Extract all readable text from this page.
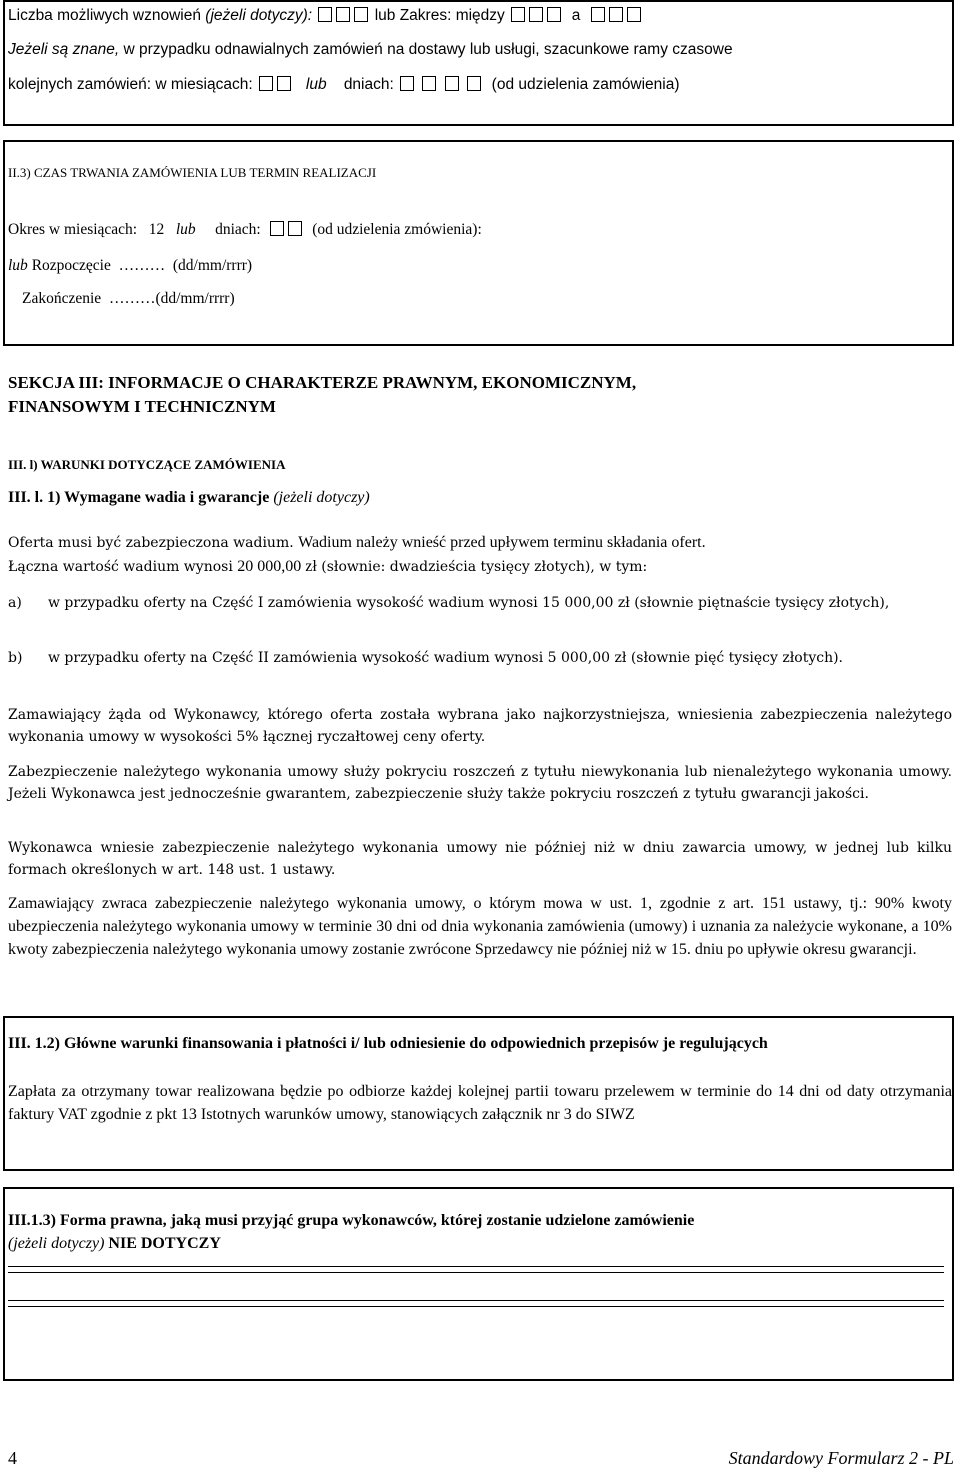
Liczba możliwych wznowień (jeżeli dotyczy):	lub Zakres: między	a
Jeżeli są znane, w przypadku odnawialnych zamówień na dostawy lub usługi, szacunkowe ramy czasowe
kolejnych zamówień: w miesiącach:	lub dniach:	(od udzielenia zamówienia)
II.3) CZAS TRWANIA ZAMÓWIENIA LUB TERMIN REALIZACJI
Okres w miesiącach: 12 lub dniach:	(od udzielenia zmówienia):
lub Rozpoczęcie ……… (dd/mm/rrrr)
Zakończenie ………(dd/mm/rrrr)
SEKCJA III: INFORMACJE O CHARAKTERZE PRAWNYM, EKONOMICZNYM,
FINANSOWYM I TECHNICZNYM
III. l) WARUNKI DOTYCZĄCE ZAMÓWIENIA
III. l. 1) Wymagane wadia i gwarancje (jeżeli dotyczy)
Oferta musi być zabezpieczona wadium. Wadium należy wnieść przed upływem terminu składania ofert.
Łączna wartość wadium wynosi 20 000,00 zł (słownie: dwadzieścia tysięcy złotych), w tym:
a) w przypadku oferty na Część I zamówienia wysokość wadium wynosi 15 000,00 zł (słownie piętnaście tysięcy złotych),
b) w przypadku oferty na Część II zamówienia wysokość wadium wynosi 5 000,00 zł (słownie pięć tysięcy złotych).
Zamawiający żąda od Wykonawcy, którego oferta została wybrana jako najkorzystniejsza, wniesienia zabezpieczenia należytego wykonania umowy w wysokości 5% łącznej ryczałtowej ceny oferty.
Zabezpieczenie należytego wykonania umowy służy pokryciu roszczeń z tytułu niewykonania lub nienależytego wykonania umowy. Jeżeli Wykonawca jest jednocześnie gwarantem, zabezpieczenie służy także pokryciu roszczeń z tytułu gwarancji jakości.
Wykonawca wniesie zabezpieczenie należytego wykonania umowy nie później niż w dniu zawarcia umowy, w jednej lub kilku formach określonych w art. 148 ust. 1 ustawy.
Zamawiający zwraca zabezpieczenie należytego wykonania umowy, o którym mowa w ust. 1, zgodnie z art. 151 ustawy, tj.: 90% kwoty ubezpieczenia należytego wykonania umowy w terminie 30 dni od dnia wykonania zamówienia (umowy) i uznania za należycie wykonane, a 10% kwoty zabezpieczenia należytego wykonania umowy zostanie zwrócone Sprzedawcy nie później niż w 15. dniu po upływie okresu gwarancji.
III. 1.2) Główne warunki finansowania i płatności i/ lub odniesienie do odpowiednich przepisów je regulujących
Zapłata za otrzymany towar realizowana będzie po odbiorze każdej kolejnej partii towaru przelewem w terminie do 14 dni od daty otrzymania faktury VAT zgodnie z pkt 13 Istotnych warunków umowy, stanowiących załącznik nr 3 do SIWZ
III.1.3) Forma prawna, jaką musi przyjąć grupa wykonawców, której zostanie udzielone zamówienie
(jeżeli dotyczy) NIE DOTYCZY
4	Standardowy Formularz 2 - PL
